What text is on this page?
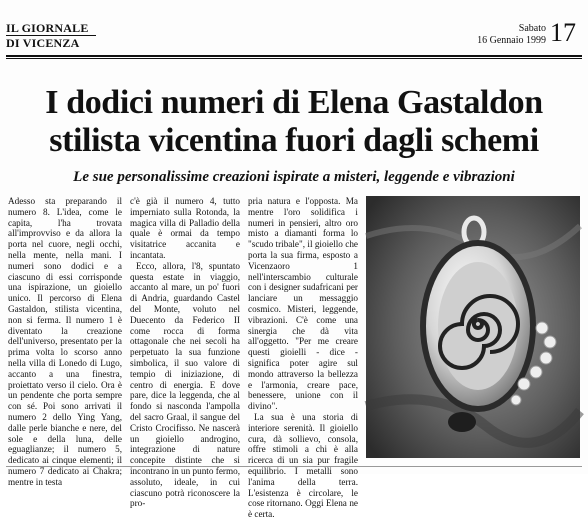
IL GIORNALE
DI VICENZA
Sabato
16 Gennaio 1999 17
I dodici numeri di Elena Gastaldon
stilista vicentina fuori dagli schemi
Le sue personalissime creazioni ispirate a misteri, leggende e vibrazioni

Adesso sta preparando il numero 8. L'idea, come le capita, l'ha trovata all'improvviso e da allora la porta nel cuore, negli occhi, nella mente, nella mani. I numeri sono dodici e a ciascuno di essi corrisponde una ispirazione, un gioiello unico. Il percorso di Elena Gastaldon, stilista vicentina, non si ferma. Il numero 1 è diventato la creazione dell'universo, presentato per la prima volta lo scorso anno nella villa di Lonedo di Lugo, accanto a una finestra, proiettato verso il cielo. Ora è un pendente che porta sempre con sé. Poi sono arrivati il numero 2 dello Ying Yang, dalle perle bianche e nere, del sole e della luna, delle eguaglianze; il numero 5, dedicato ai cinque elementi; il numero 7 dedicato ai Chakra; mentre in testa

c'è già il numero 4, tutto imperniato sulla Rotonda, la magica villa di Palladio della quale è ormai da tempo visitatrice accanita e incantata.

Ecco, allora, l'8, spuntato questa estate in viaggio, accanto al mare, un po' fuori di Andria, guardando Castel del Monte, voluto nel Duecento da Federico II come rocca di forma ottagonale che nei secoli ha perpetuato la sua funzione simbolica, il suo valore di tempio di iniziazione, di centro di energia. E dove pare, dice la leggenda, che al fondo si nasconda l'ampolla del sacro Graal, il sangue del Cristo Crocifisso. Ne nascerà un gioiello androgino, integrazione di nature concepite distinte che si incontrano in un punto fermo, assoluto, ideale, in cui ciascuno potrà riconoscere la pro-

pria natura e l'opposta. Ma mentre l'oro solidifica i numeri in pensieri, altro oro misto a diamanti forma lo "scudo tribale", il gioiello che porta la sua firma, esposto a Vicenzaoro 1 nell'interscambio culturale con i designer sudafricani per lanciare un messaggio cosmico. Misteri, leggende, vibrazioni. C'è come una sinergia che dà vita all'oggetto. "Per me creare questi gioielli - dice - significa poter agire sul mondo attraverso la bellezza e l'armonia, creare pace, benessere, unione con il divino".

La sua è una storia di interiore serenità. Il gioiello cura, dà sollievo, consola, offre stimoli a chi è alla ricerca di un sia pur fragile equilibrio. I metalli sono l'anima della terra. L'esistenza è circolare, le cose ritornano. Oggi Elena ne è certa.
